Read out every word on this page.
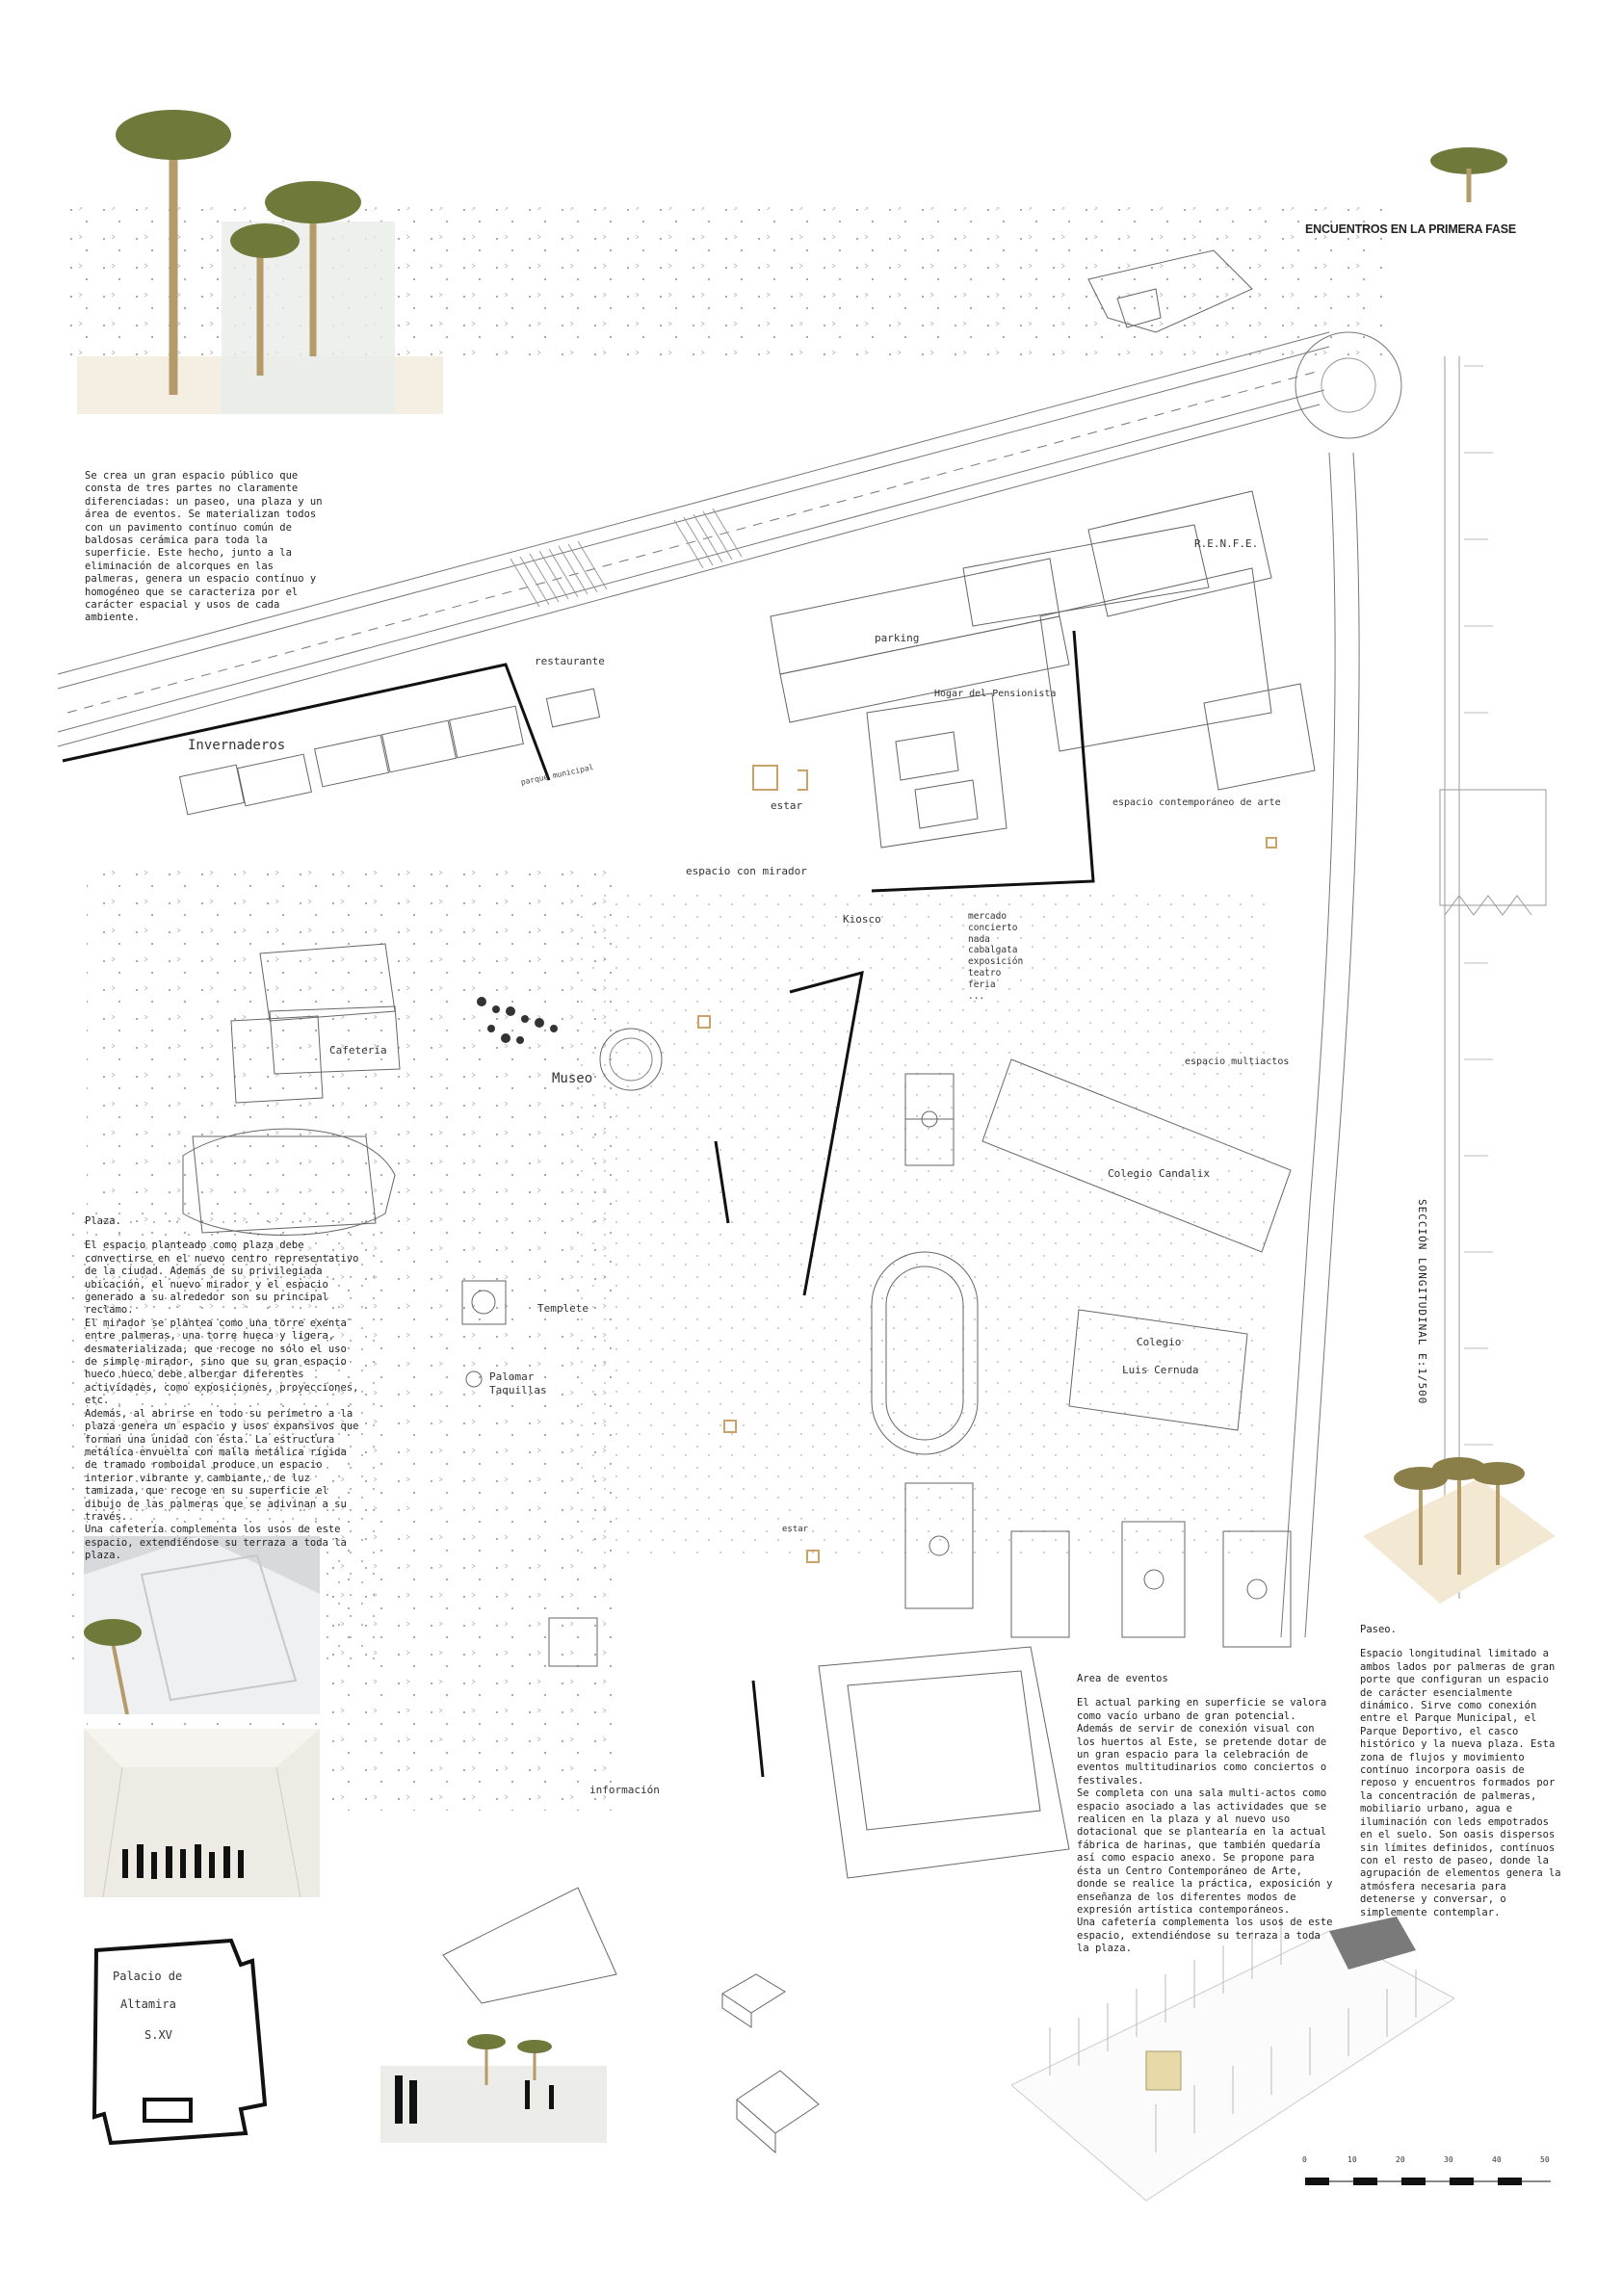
ENCUENTROS EN LA PRIMERA FASE
Se crea un gran espacio público que consta de tres partes no claramente diferenciadas: un paseo, una plaza y un área de eventos. Se materializan todos con un pavimento contínuo común de baldosas cerámica para toda la superficie. Este hecho, junto a la eliminación de alcorques en las palmeras, genera un espacio contínuo y homogéneo que se caracteriza por el carácter espacial y usos de cada ambiente.

Plaza.

El espacio planteado como plaza debe convertirse en el nuevo centro representativo de la ciudad. Además de su privilegiada ubicación, el nuevo mirador y el espacio generado a su alrededor son su principal reclamo.

El mirador se plantea como una torre exenta entre palmeras, una torre hueca y ligera, desmaterializada, que recoge no sólo el uso de simple mirador, sino que su gran espacio hueco hueco debe albergar diferentes actividades, como exposiciones, proyecciones, etc.

Además, al abrirse en todo su perímetro a la plaza genera un espacio y usos expansivos que forman una unidad con ésta. La estructura metálica envuelta con malla metálica rígida de tramado romboidal produce un espacio interior vibrante y cambiante, de luz tamizada, que recoge en su superficie el dibujo de las palmeras que se adivinan a su través.

Una cafetería complementa los usos de este espacio, extendiéndose su terraza a toda la plaza.

Area de eventos

El actual parking en superficie se valora como vacío urbano de gran potencial. Además de servir de conexión visual con los huertos al Este, se pretende dotar de un gran espacio para la celebración de eventos multitudinarios como conciertos o festivales.

Se completa con una sala multi-actos como espacio asociado a las actividades que se realicen en la plaza y al nuevo uso dotacional que se plantearía en la actual fábrica de harinas, que también quedaría así como espacio anexo. Se propone para ésta un Centro Contemporáneo de Arte, donde se realice la práctica, exposición y enseñanza de los diferentes modos de expresión artística contemporáneos.

Una cafetería complementa los usos de este espacio, extendiéndose su terraza a toda la plaza.

Paseo.

Espacio longitudinal limitado a ambos lados por palmeras de gran porte que configuran un espacio de carácter esencialmente dinámico. Sirve como conexión entre el Parque Municipal, el Parque Deportivo, el casco histórico y la nueva plaza. Esta zona de flujos y movimiento contínuo incorpora oasis de reposo y encuentros formados por la concentración de palmeras, mobiliario urbano, agua e iluminación con leds empotrados en el suelo. Son oasis dispersos sin límites definidos, contínuos con el resto de paseo, donde la agrupación de elementos genera la atmósfera necesaria para detenerse y conversar, o simplemente contemplar.

R.E.N.F.E.
parking
restaurante
Hogar del Pensionista
Invernaderos
estar
espacio con mirador
Kiosco
espacio contemporáneo de arte
mercado
concierto
nada
cabalgata
exposición
teatro
feria
...
Cafetería
Museo
espacio multiactos
Colegio Candalix
Templete
Palomar
Taquillas
Colegio
Luis Cernuda
estar
información
parque municipal
Palacio de
Altamira
S.XV
SECCIÓN LONGITUDINAL E:1/500
0	10	20	30	40	50
